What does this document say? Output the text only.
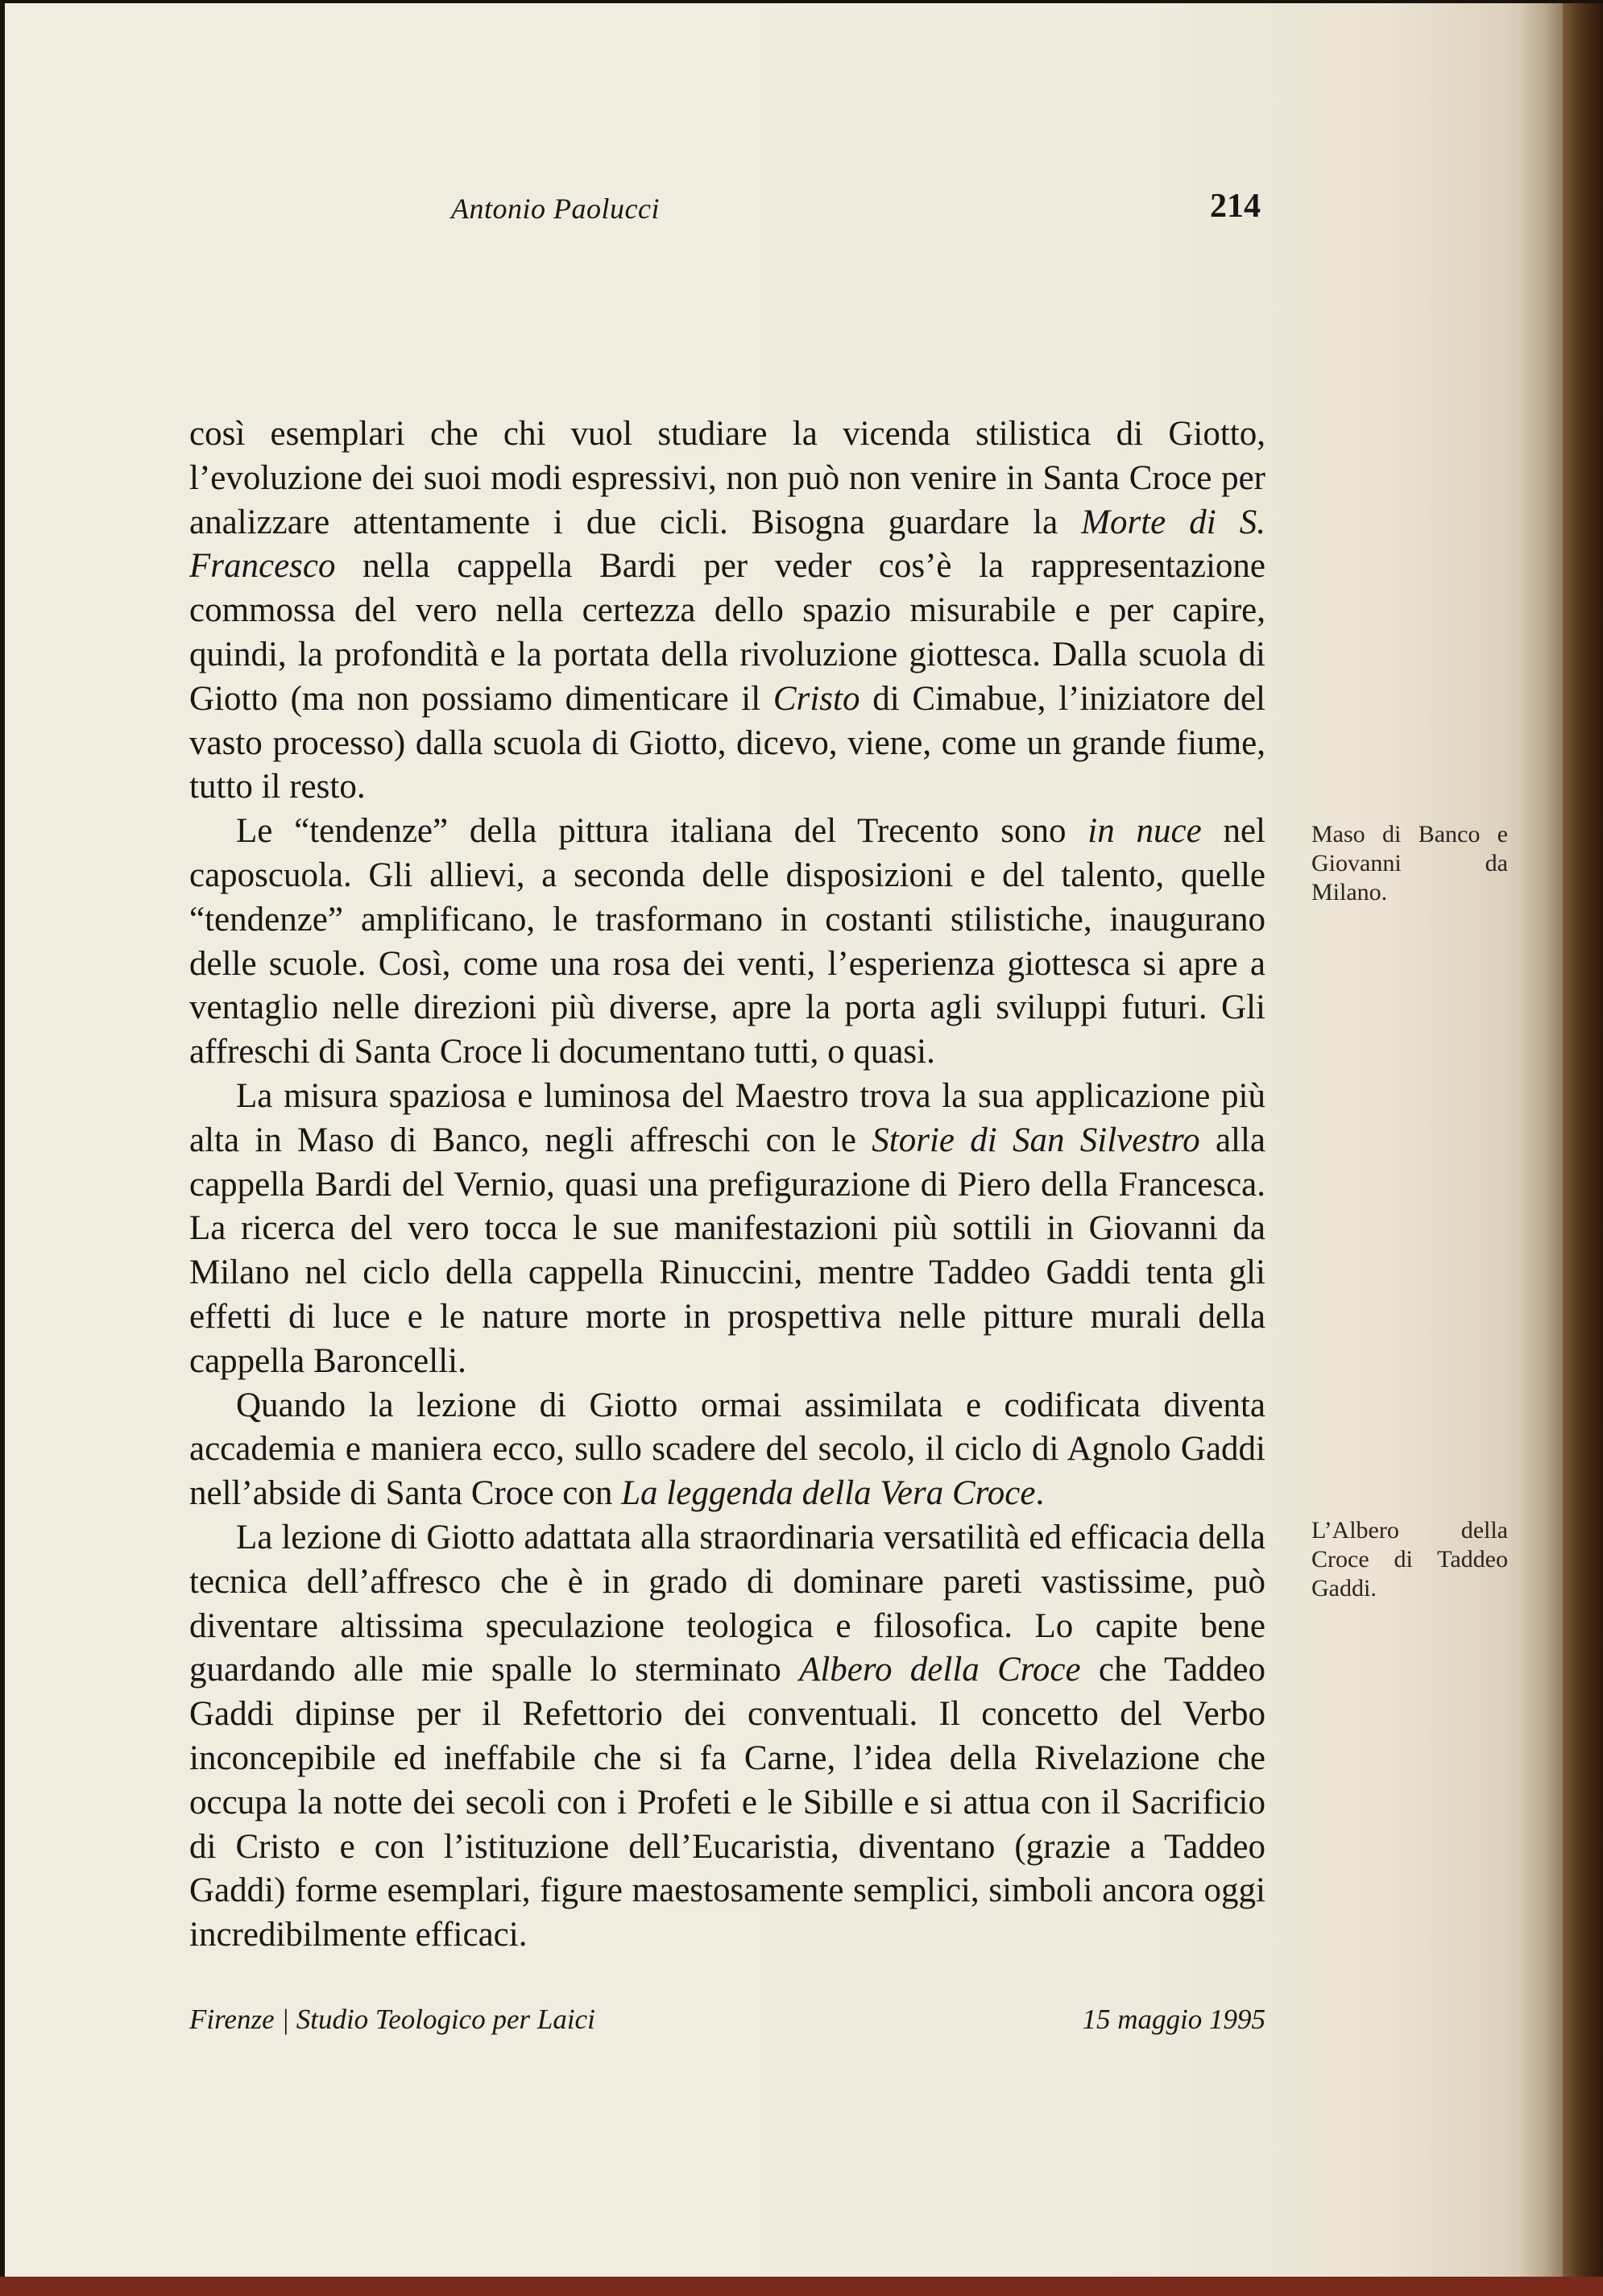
Antonio Paolucci	214

così esemplari che chi vuol studiare la vicenda stilistica di Giotto, l’evoluzione dei suoi modi espressivi, non può non venire in Santa Croce per analizzare attentamente i due cicli. Bisogna guardare la Morte di S. Francesco nella cappella Bardi per veder cos’è la rappresentazione commossa del vero nella certezza dello spazio misurabile e per capire, quindi, la profondità e la portata della rivoluzione giottesca. Dalla scuola di Giotto (ma non possiamo dimenticare il Cristo di Cimabue, l’iniziatore del vasto processo) dalla scuola di Giotto, dicevo, viene, come un grande fiume, tutto il resto.

Le “tendenze” della pittura italiana del Trecento sono in nuce nel caposcuola. Gli allievi, a seconda delle disposizioni e del talento, quelle “tendenze” amplificano, le trasformano in costanti stilistiche, inaugurano delle scuole. Così, come una rosa dei venti, l’esperienza giottesca si apre a ventaglio nelle direzioni più diverse, apre la porta agli sviluppi futuri. Gli affreschi di Santa Croce li documentano tutti, o quasi.

La misura spaziosa e luminosa del Maestro trova la sua applicazione più alta in Maso di Banco, negli affreschi con le Storie di San Silvestro alla cappella Bardi del Vernio, quasi una prefigurazione di Piero della Francesca. La ricerca del vero tocca le sue manifestazioni più sottili in Giovanni da Milano nel ciclo della cappella Rinuccini, mentre Taddeo Gaddi tenta gli effetti di luce e le nature morte in prospettiva nelle pitture murali della cappella Baroncelli.

Quando la lezione di Giotto ormai assimilata e codificata diventa accademia e maniera ecco, sullo scadere del secolo, il ciclo di Agnolo Gaddi nell’abside di Santa Croce con La leggenda della Vera Croce.

La lezione di Giotto adattata alla straordinaria versatilità ed efficacia della tecnica dell’affresco che è in grado di dominare pareti vastissime, può diventare altissima speculazione teologica e filosofica. Lo capite bene guardando alle mie spalle lo sterminato Albero della Croce che Taddeo Gaddi dipinse per il Refettorio dei conventuali. Il concetto del Verbo inconcepibile ed ineffabile che si fa Carne, l’idea della Rivelazione che occupa la notte dei secoli con i Profeti e le Sibille e si attua con il Sacrificio di Cristo e con l’istituzione dell’Eucaristia, diventano (grazie a Taddeo Gaddi) forme esemplari, figure maestosamente semplici, simboli ancora oggi incredibilmente efficaci.

Maso di Banco e Giovanni da Milano.
L’Albero della Croce di Taddeo Gaddi.
Firenze | Studio Teologico per Laici	15 maggio 1995
